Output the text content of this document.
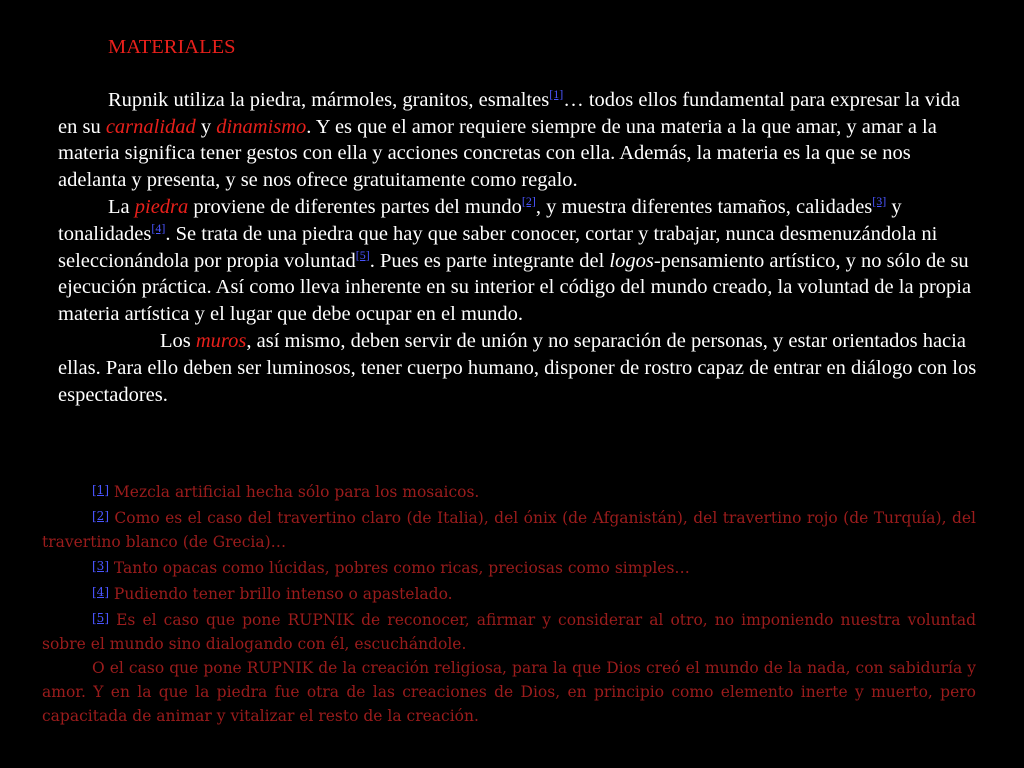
MATERIALES

Rupnik utiliza la piedra, mármoles, granitos, esmaltes[1]… todos ellos fundamental para expresar la vida en su carnalidad y dinamismo. Y es que el amor requiere siempre de una materia a la que amar, y amar a la materia significa tener gestos con ella y acciones concretas con ella. Además, la materia es la que se nos adelanta y presenta, y se nos ofrece gratuitamente como regalo.

La piedra proviene de diferentes partes del mundo[2], y muestra diferentes tamaños, calidades[3] y tonalidades[4]. Se trata de una piedra que hay que saber conocer, cortar y trabajar, nunca desmenuzándola ni seleccionándola por propia voluntad[5]. Pues es parte integrante del logos-pensamiento artístico, y no sólo de su ejecución práctica. Así como lleva inherente en su interior el código del mundo creado, la voluntad de la propia materia artística y el lugar que debe ocupar en el mundo.

Los muros, así mismo, deben servir de unión y no separación de personas, y estar orientados hacia ellas. Para ello deben ser luminosos, tener cuerpo humano, disponer de rostro capaz de entrar en diálogo con los espectadores.

[1] Mezcla artificial hecha sólo para los mosaicos.

[2] Como es el caso del travertino claro (de Italia), del ónix (de Afganistán), del travertino rojo (de Turquía), del travertino blanco (de Grecia)…

[3] Tanto opacas como lúcidas, pobres como ricas, preciosas como simples…

[4] Pudiendo tener brillo intenso o apastelado.

[5] Es el caso que pone RUPNIK de reconocer, afirmar y considerar al otro, no imponiendo nuestra voluntad sobre el mundo sino dialogando con él, escuchándole.

O el caso que pone RUPNIK de la creación religiosa, para la que Dios creó el mundo de la nada, con sabiduría y amor. Y en la que la piedra fue otra de las creaciones de Dios, en principio como elemento inerte y muerto, pero capacitada de animar y vitalizar el resto de la creación.
